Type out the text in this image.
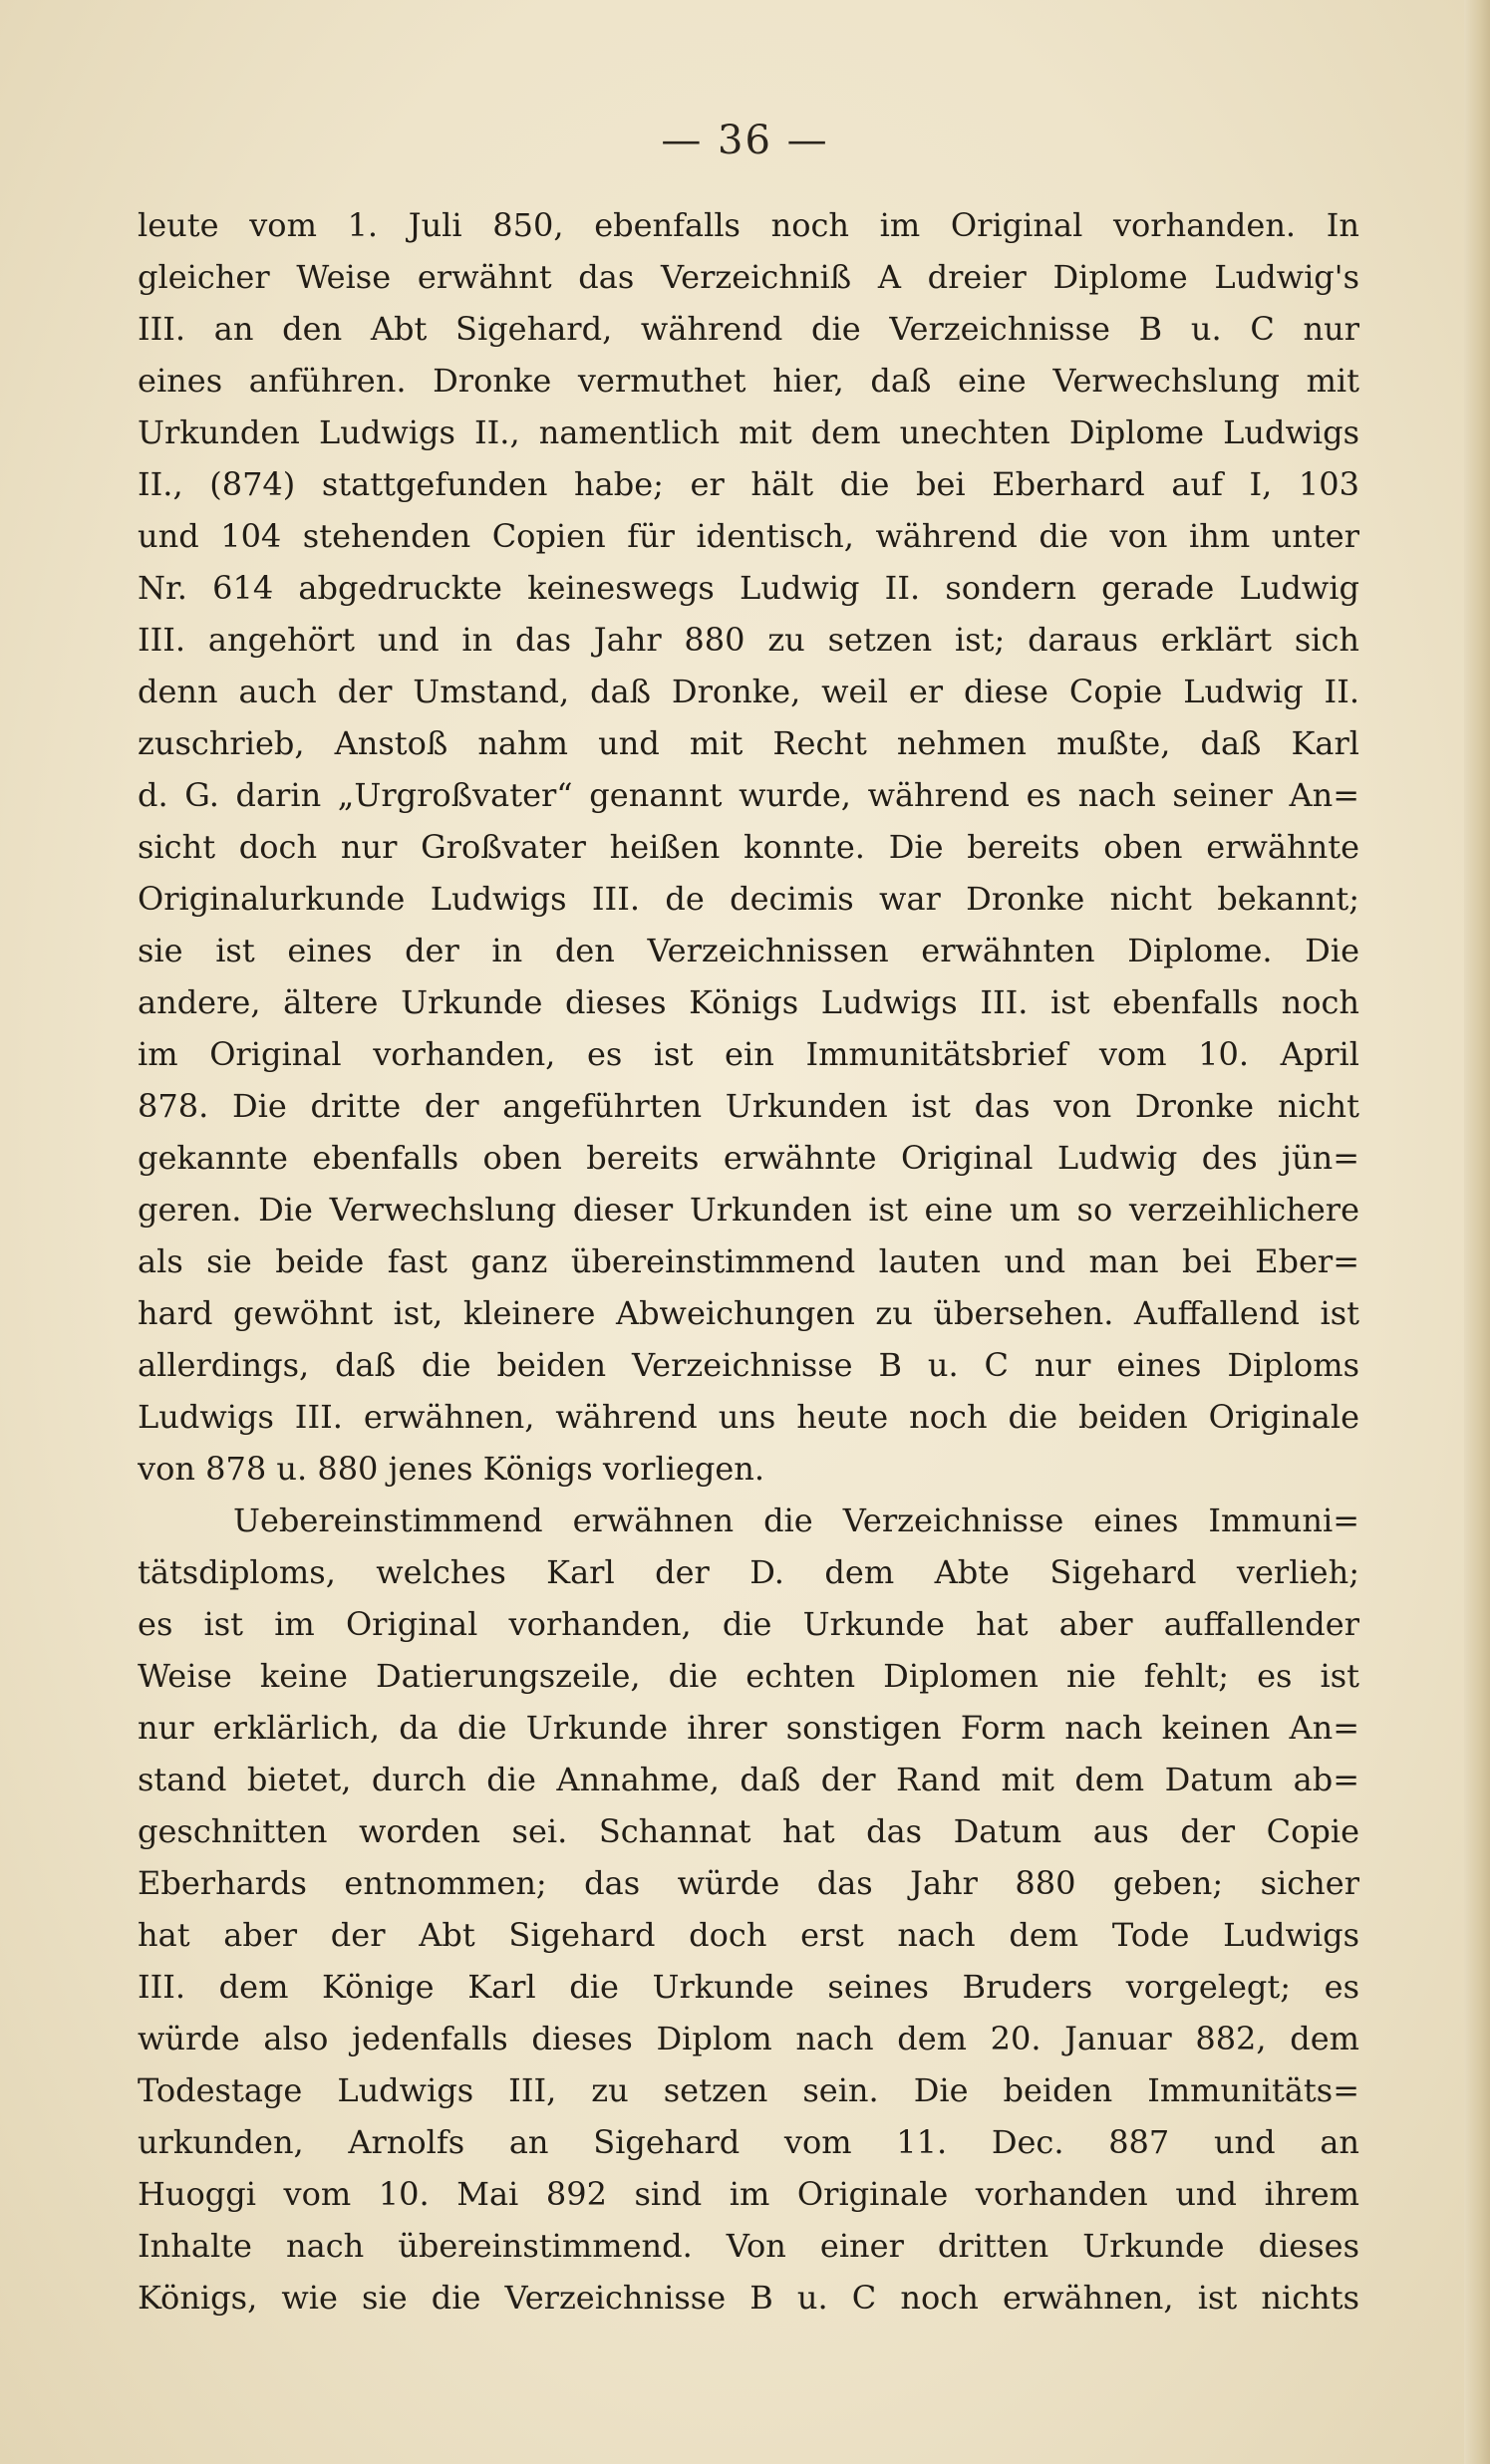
— 36 —
leute vom 1. Juli 850, ebenfalls noch im Original vorhanden. In
gleicher Weise erwähnt das Verzeichniß A dreier Diplome Ludwig's
III. an den Abt Sigehard, während die Verzeichnisse B u. C nur
eines anführen. Dronke vermuthet hier, daß eine Verwechslung mit
Urkunden Ludwigs II., namentlich mit dem unechten Diplome Ludwigs
II., (874) stattgefunden habe; er hält die bei Eberhard auf I, 103
und 104 stehenden Copien für identisch, während die von ihm unter
Nr. 614 abgedruckte keineswegs Ludwig II. sondern gerade Ludwig
III. angehört und in das Jahr 880 zu setzen ist; daraus erklärt sich
denn auch der Umstand, daß Dronke, weil er diese Copie Ludwig II.
zuschrieb, Anstoß nahm und mit Recht nehmen mußte, daß Karl
d. G. darin „Urgroßvater“ genannt wurde, während es nach seiner An=
sicht doch nur Großvater heißen konnte. Die bereits oben erwähnte
Originalurkunde Ludwigs III. de decimis war Dronke nicht bekannt;
sie ist eines der in den Verzeichnissen erwähnten Diplome. Die
andere, ältere Urkunde dieses Königs Ludwigs III. ist ebenfalls noch
im Original vorhanden, es ist ein Immunitätsbrief vom 10. April
878. Die dritte der angeführten Urkunden ist das von Dronke nicht
gekannte ebenfalls oben bereits erwähnte Original Ludwig des jün=
geren. Die Verwechslung dieser Urkunden ist eine um so verzeihlichere
als sie beide fast ganz übereinstimmend lauten und man bei Eber=
hard gewöhnt ist, kleinere Abweichungen zu übersehen. Auffallend ist
allerdings, daß die beiden Verzeichnisse B u. C nur eines Diploms
Ludwigs III. erwähnen, während uns heute noch die beiden Originale
von 878 u. 880 jenes Königs vorliegen.
Uebereinstimmend erwähnen die Verzeichnisse eines Immuni=
tätsdiploms, welches Karl der D. dem Abte Sigehard verlieh;
es ist im Original vorhanden, die Urkunde hat aber auffallender
Weise keine Datierungszeile, die echten Diplomen nie fehlt; es ist
nur erklärlich, da die Urkunde ihrer sonstigen Form nach keinen An=
stand bietet, durch die Annahme, daß der Rand mit dem Datum ab=
geschnitten worden sei. Schannat hat das Datum aus der Copie
Eberhards entnommen; das würde das Jahr 880 geben; sicher
hat aber der Abt Sigehard doch erst nach dem Tode Ludwigs
III. dem Könige Karl die Urkunde seines Bruders vorgelegt; es
würde also jedenfalls dieses Diplom nach dem 20. Januar 882, dem
Todestage Ludwigs III, zu setzen sein. Die beiden Immunitäts=
urkunden, Arnolfs an Sigehard vom 11. Dec. 887 und an
Huoggi vom 10. Mai 892 sind im Originale vorhanden und ihrem
Inhalte nach übereinstimmend. Von einer dritten Urkunde dieses
Königs, wie sie die Verzeichnisse B u. C noch erwähnen, ist nichts
